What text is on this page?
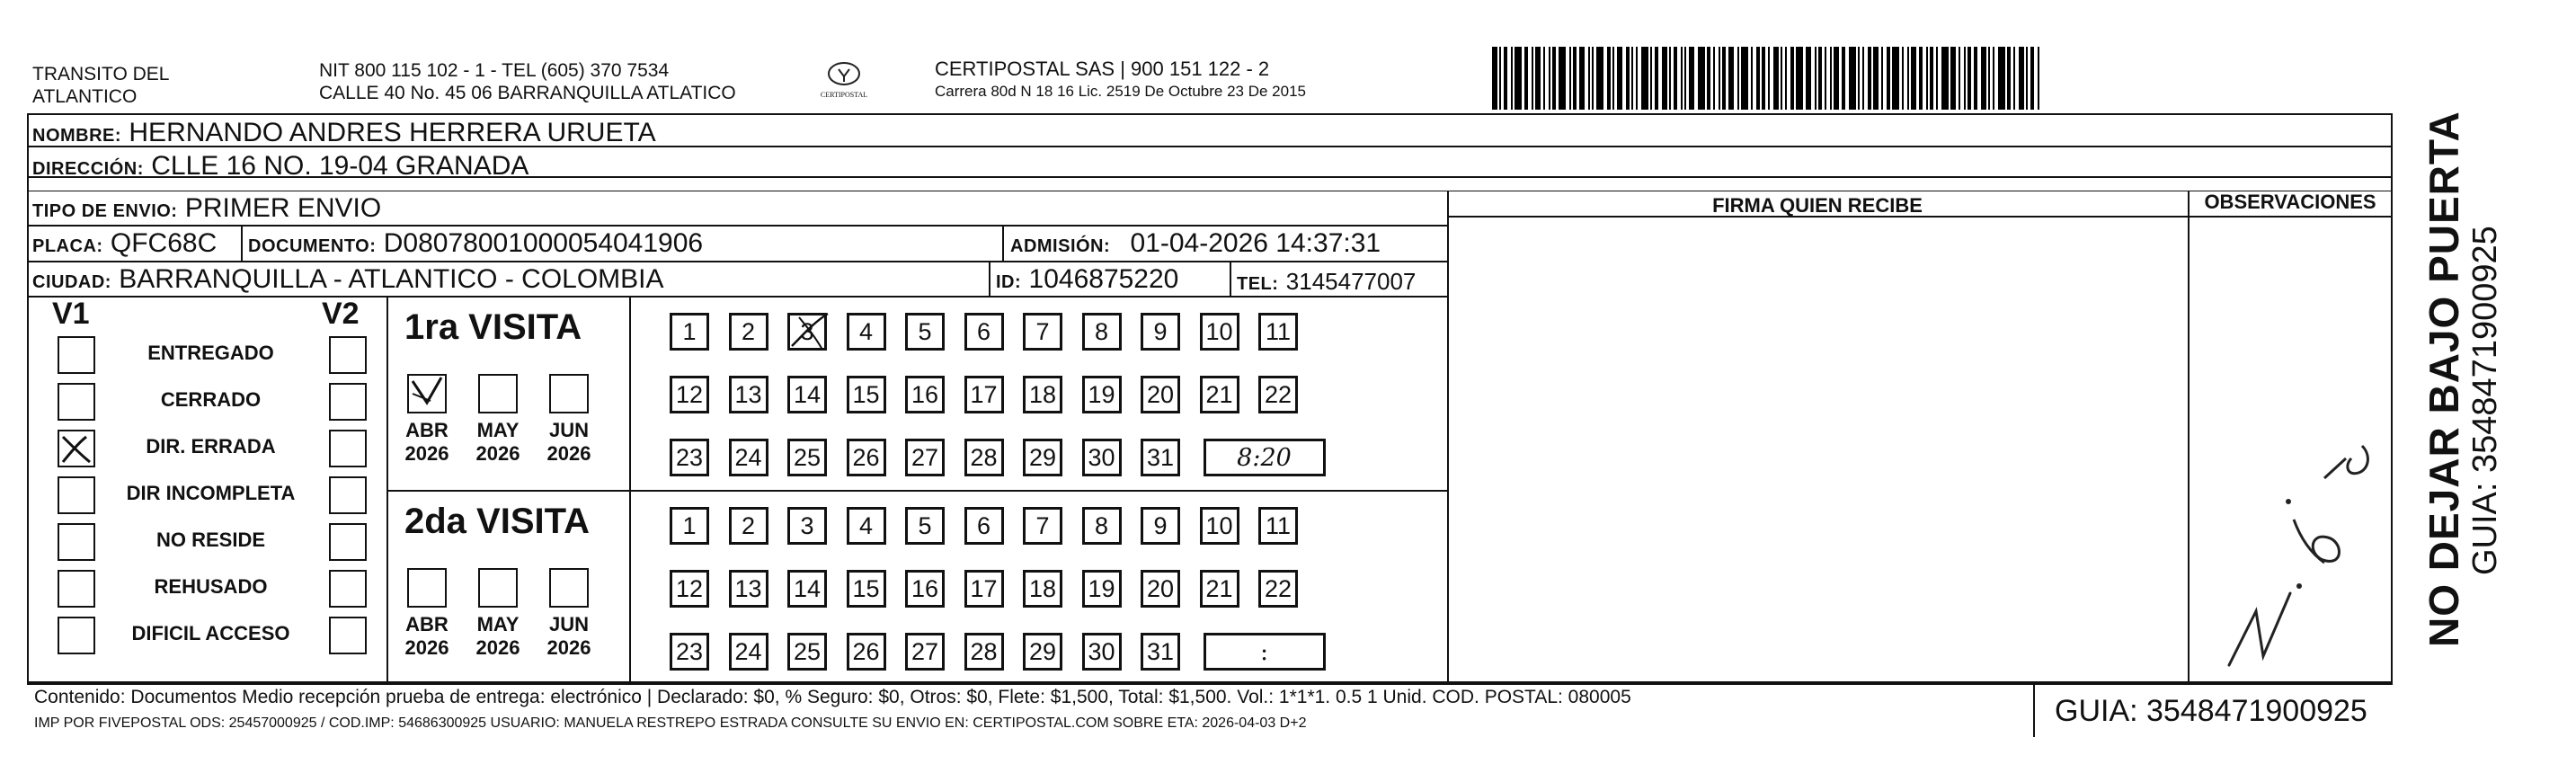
TRANSITO DEL
ATLANTICO
NIT 800 115 102 - 1 - TEL (605) 370 7534
CALLE 40 No. 45 06 BARRANQUILLA ATLATICO	CERTIPOSTAL
CERTIPOSTAL SAS | 900 151 122 - 2
Carrera 80d N 18 16 Lic. 2519 De Octubre 23 De 2015
NOMBRE: HERNANDO ANDRES HERRERA URUETA
DIRECCIÓN: CLLE 16 NO. 19-04 GRANADA
TIPO DE ENVIO: PRIMER ENVIO
PLACA: QFC68C DOCUMENTO: D08078001000054041906	ADMISIÓN: 01-04-2026 14:37:31
CIUDAD: BARRANQUILLA - ATLANTICO - COLOMBIA	ID: 1046875220	TEL: 3145477007
FIRMA QUIEN RECIBE	OBSERVACIONES
V1	V2
ENTREGADO
CERRADO
DIR. ERRADA
DIR INCOMPLETA
NO RESIDE
REHUSADO
DIFICIL ACCESO
1ra VISITA
ABR
2026
MAY
2026
JUN
2026
1	2	3	4	5	6	7	8	9	10 11
12 13 14 15 16 17 18 19 20 21 22
23 24 25 26 27 28 29 30 31	8:20
2da VISITA
ABR
2026
MAY
2026
JUN
2026
1	2	3	4	5	6	7	8	9	10 11
12 13 14 15 16 17 18 19 20 21 22
23 24 25 26 27 28 29 30 31	:
Contenido: Documentos Medio recepción prueba de entrega: electrónico | Declarado: $0, % Seguro: $0, Otros: $0, Flete: $1,500, Total: $1,500. Vol.: 1*1*1. 0.5 1 Unid. COD. POSTAL: 080005
IMP POR FIVEPOSTAL ODS: 25457000925 / COD.IMP: 54686300925 USUARIO: MANUELA RESTREPO ESTRADA CONSULTE SU ENVIO EN: CERTIPOSTAL.COM SOBRE ETA: 2026-04-03 D+2	GUIA: 3548471900925
NO DEJAR BAJO PUERTA GUIA: 3548471900925
